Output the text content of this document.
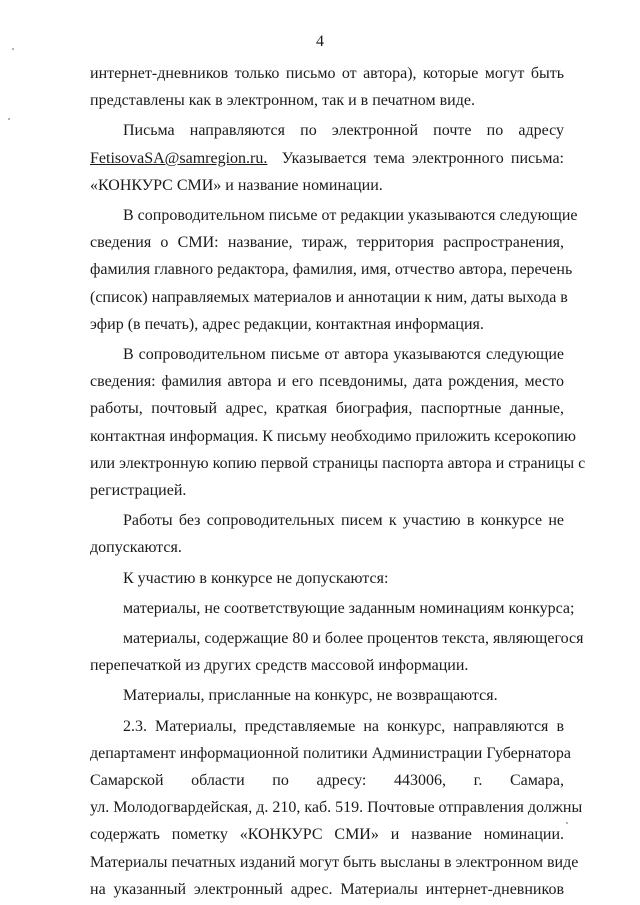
4

интернет-дневников только письмо от автора), которые могут быть
представлены как в электронном, так и в печатном виде.

Письма направляются по электронной почте по адресу
FetisovaSA@samregion.ru. Указывается тема электронного письма:
«КОНКУРС СМИ» и название номинации.

В сопроводительном письме от редакции указываются следующие
сведения о СМИ: название, тираж, территория распространения,
фамилия главного редактора, фамилия, имя, отчество автора, перечень
(список) направляемых материалов и аннотации к ним, даты выхода в
эфир (в печать), адрес редакции, контактная информация.

В сопроводительном письме от автора указываются следующие
сведения: фамилия автора и его псевдонимы, дата рождения, место
работы, почтовый адрес, краткая биография, паспортные данные,
контактная информация. К письму необходимо приложить ксерокопию
или электронную копию первой страницы паспорта автора и страницы с
регистрацией.

Работы без сопроводительных писем к участию в конкурсе не
допускаются.

К участию в конкурсе не допускаются:

материалы, не соответствующие заданным номинациям конкурса;

материалы, содержащие 80 и более процентов текста, являющегося
перепечаткой из других средств массовой информации.

Материалы, присланные на конкурс, не возвращаются.

2.3. Материалы, представляемые на конкурс, направляются в
департамент информационной политики Администрации Губернатора
Самарской области по адресу: 443006, г. Самара,
ул. Молодогвардейская, д. 210, каб. 519. Почтовые отправления должны
содержать пометку «КОНКУРС СМИ» и название номинации.
Материалы печатных изданий могут быть высланы в электронном виде
на указанный электронный адрес. Материалы интернет-дневников
